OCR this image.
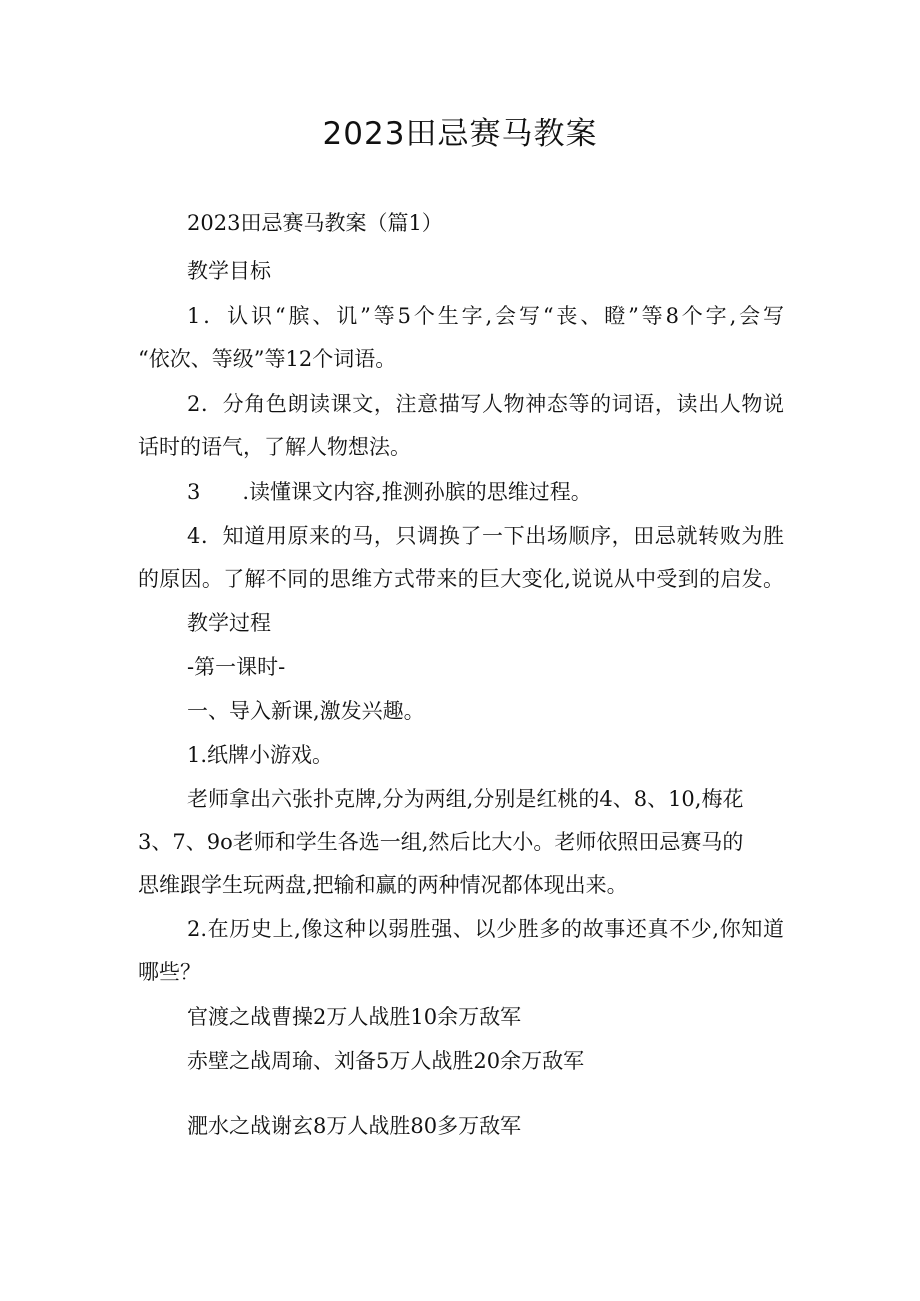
2023田忌赛马教案
2023田忌赛马教案（篇1）
教学目标
1．认识“膑、讥”等5个生字,会写“丧、瞪”等8个字,会写
“依次、等级”等12个词语。
2．分角色朗读课文，注意描写人物神态等的词语，读出人物说
话时的语气，了解人物想法。
3　　.读懂课文内容,推测孙膑的思维过程。
4．知道用原来的马，只调换了一下出场顺序，田忌就转败为胜
的原因。了解不同的思维方式带来的巨大变化,说说从中受到的启发。
教学过程
-第一课时-
一、导入新课,激发兴趣。
1.纸牌小游戏。
老师拿出六张扑克牌,分为两组,分别是红桃的4、8、10,梅花
3、7、9o老师和学生各选一组,然后比大小。老师依照田忌赛马的
思维跟学生玩两盘,把输和赢的两种情况都体现出来。
2.在历史上,像这种以弱胜强、以少胜多的故事还真不少,你知道
哪些？
官渡之战曹操2万人战胜10余万敌军
赤壁之战周瑜、刘备5万人战胜20余万敌军
淝水之战谢玄8万人战胜80多万敌军
